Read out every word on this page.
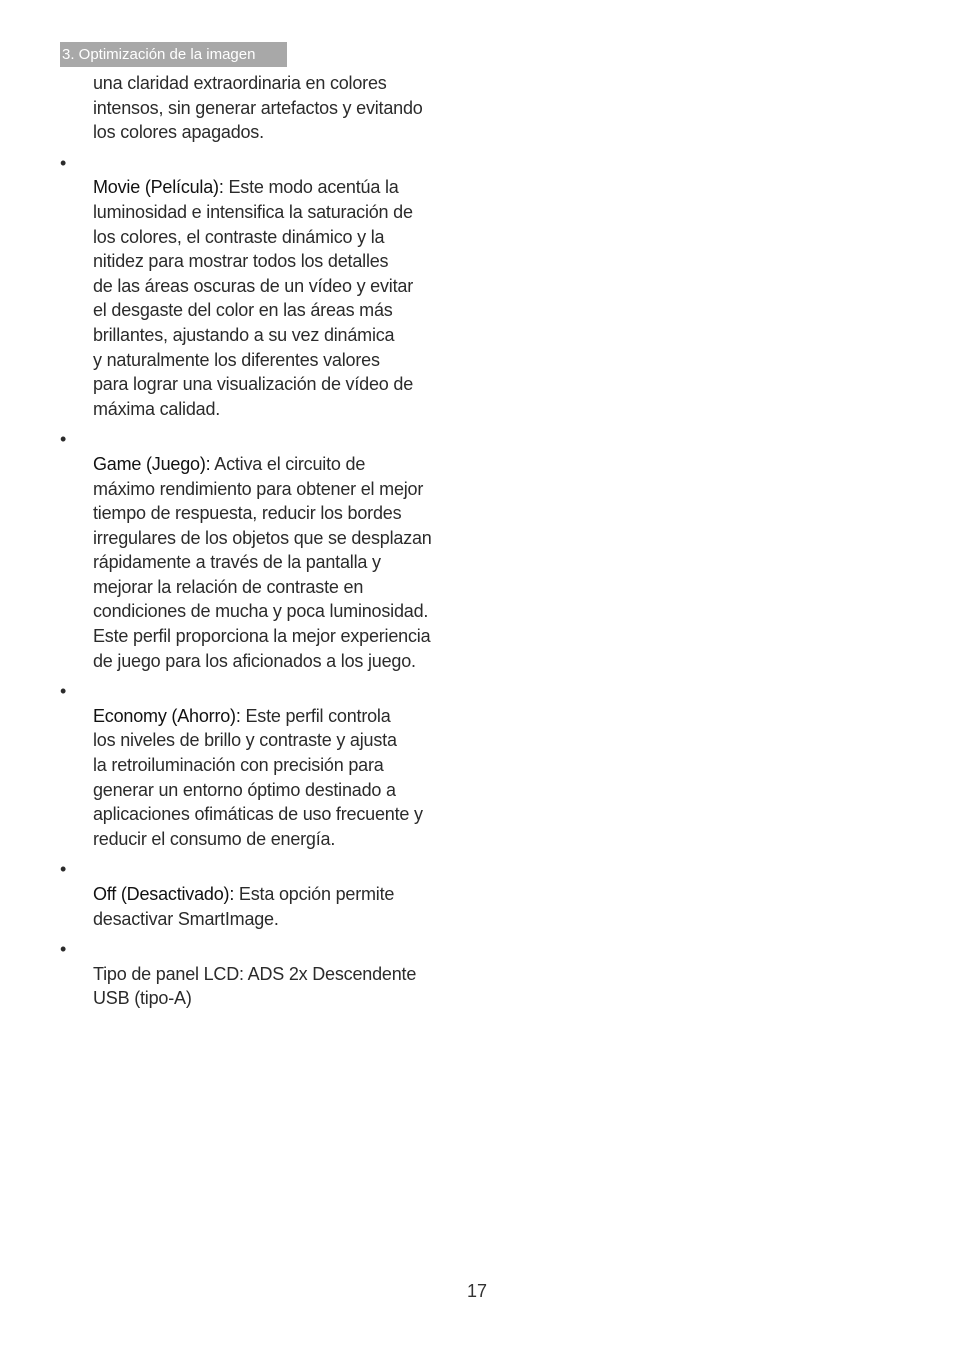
3. Optimización de la imagen

una claridad extraordinaria en colores
intensos, sin generar artefactos y evitando
los colores apagados.

•
Movie (Película): Este modo acentúa la
luminosidad e intensifica la saturación de
los colores, el contraste dinámico y la
nitidez para mostrar todos los detalles
de las áreas oscuras de un vídeo y evitar
el desgaste del color en las áreas más
brillantes, ajustando a su vez dinámica
y naturalmente los diferentes valores
para lograr una visualización de vídeo de
máxima calidad.

•
Game (Juego): Activa el circuito de
máximo rendimiento para obtener el mejor
tiempo de respuesta, reducir los bordes
irregulares de los objetos que se desplazan
rápidamente a través de la pantalla y
mejorar la relación de contraste en
condiciones de mucha y poca luminosidad.
Este perfil proporciona la mejor experiencia
de juego para los aficionados a los juego.

•
Economy (Ahorro): Este perfil controla
los niveles de brillo y contraste y ajusta
la retroiluminación con precisión para
generar un entorno óptimo destinado a
aplicaciones ofimáticas de uso frecuente y
reducir el consumo de energía.

•
Off (Desactivado): Esta opción permite
desactivar SmartImage.

•
Tipo de panel LCD: ADS 2x Descendente
USB (tipo-A)

17
